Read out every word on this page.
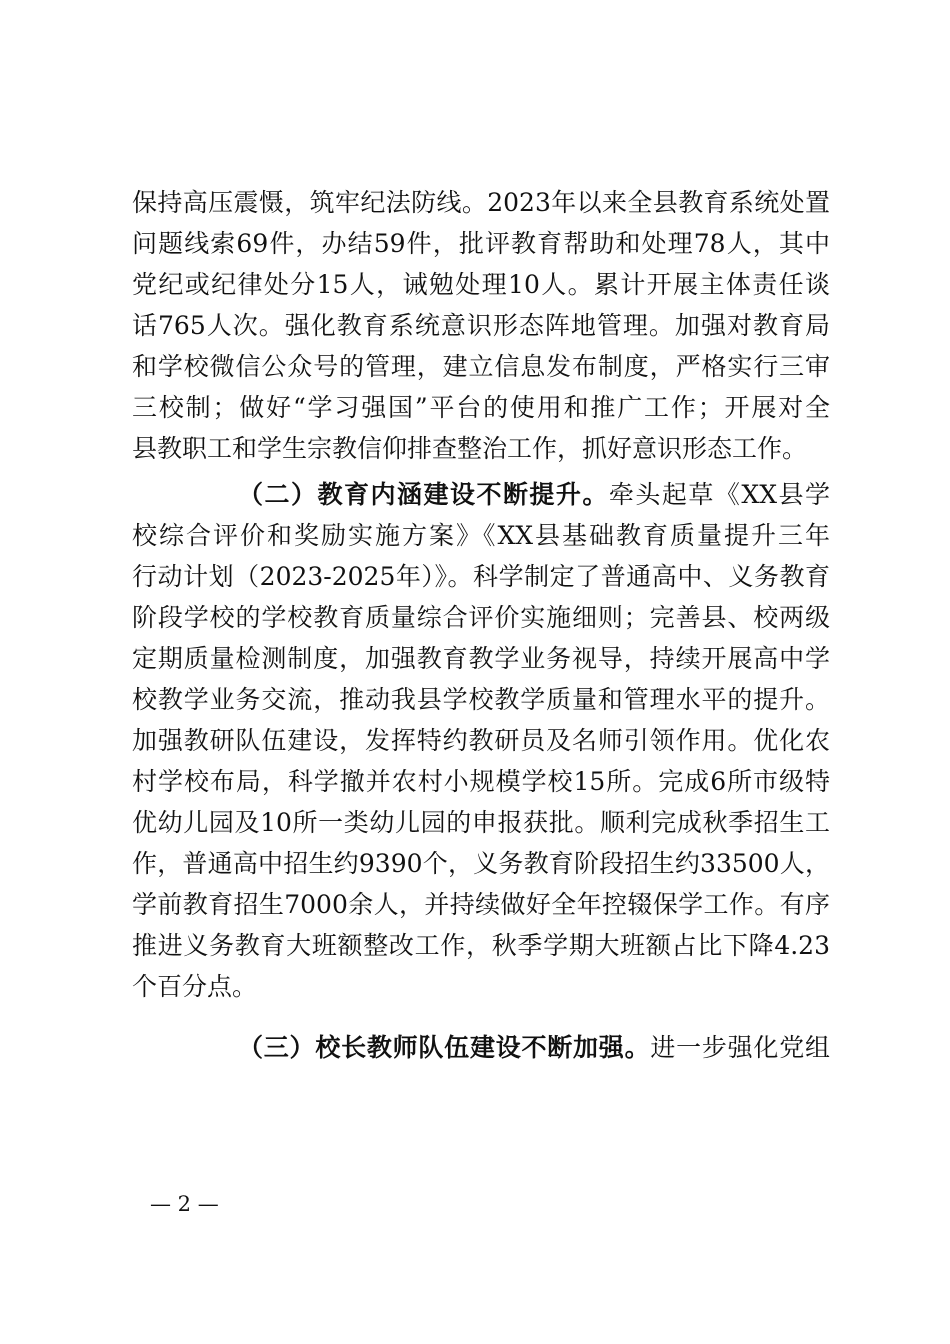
保持高压震慑，筑牢纪法防线。2023年以来全县教育系统处置
问题线索69件，办结59件，批评教育帮助和处理78人，其中
党纪或纪律处分15人，诫勉处理10人。累计开展主体责任谈
话765人次。强化教育系统意识形态阵地管理。加强对教育局
和学校微信公众号的管理，建立信息发布制度，严格实行三审
三校制；做好“学习强国”平台的使用和推广工作；开展对全
县教职工和学生宗教信仰排查整治工作，抓好意识形态工作。
（二）教育内涵建设不断提升。牵头起草《XX县学
校综合评价和奖励实施方案》《XX县基础教育质量提升三年
行动计划（2023-2025年）》。科学制定了普通高中、义务教育
阶段学校的学校教育质量综合评价实施细则；完善县、校两级
定期质量检测制度，加强教育教学业务视导，持续开展高中学
校教学业务交流，推动我县学校教学质量和管理水平的提升。
加强教研队伍建设，发挥特约教研员及名师引领作用。优化农
村学校布局，科学撤并农村小规模学校15所。完成6所市级特
优幼儿园及10所一类幼儿园的申报获批。顺利完成秋季招生工
作，普通高中招生约9390个，义务教育阶段招生约33500人，
学前教育招生7000余人，并持续做好全年控辍保学工作。有序
推进义务教育大班额整改工作，秋季学期大班额占比下降4.23
个百分点。
（三）校长教师队伍建设不断加强。进一步强化党组
— 2 —
